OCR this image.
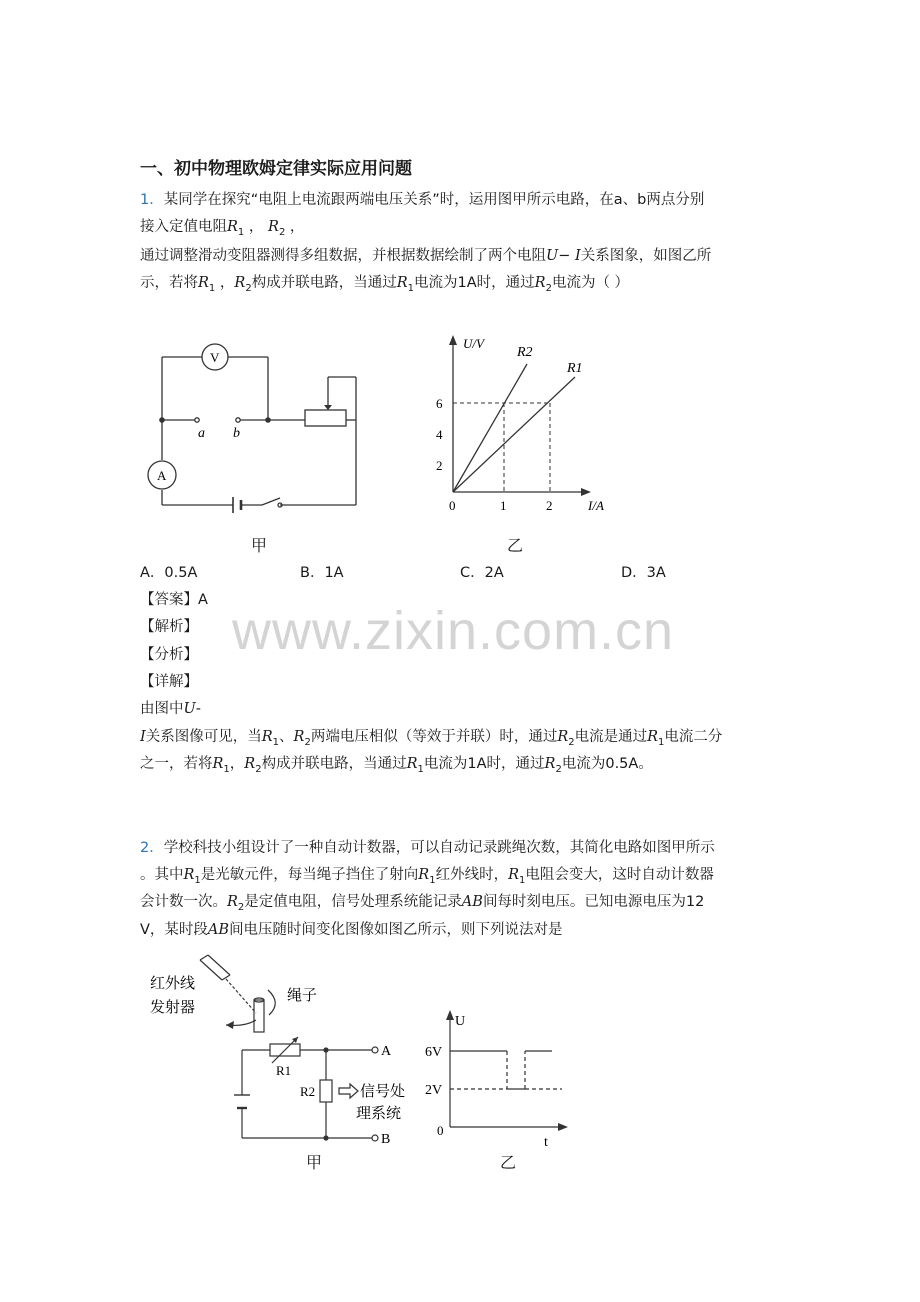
一、初中物理欧姆定律实际应用问题
1．某同学在探究“电阻上电流跟两端电压关系”时，运用图甲所示电路，在a、b两点分别
接入定值电阻$R_1$ ， $R_2$ ，
通过调整滑动变阻器测得多组数据，并根据数据绘制了两个电阻U− I关系图象，如图乙所
示，若将$R_1$ ，$R_2$构成并联电路，当通过$R_1$电流为1A时，通过$R_2$电流为（ ）
V
A
a b
甲
U/V
I/A
R2
R1
6
4
2
0	1	2
乙
A．0.5A	B．1A	C．2A	D．3A
【答案】A
www.zixin.com.cn
【解析】
【分析】
【详解】
由图中U-
I关系图像可见，当$R_1$、$R_2$两端电压相似（等效于并联）时，通过$R_2$电流是通过$R_1$电流二分
之一，若将$R_1$，$R_2$构成并联电路，当通过$R_1$电流为1A时，通过$R_2$电流为0.5A。
2．学校科技小组设计了一种自动计数器，可以自动记录跳绳次数，其简化电路如图甲所示
。其中$R_1$是光敏元件，每当绳子挡住了射向$R_1$红外线时，$R_1$电阻会变大，这时自动计数器
会计数一次。$R_2$是定值电阻，信号处理系统能记录AB间每时刻电压。已知电源电压为12
V，某时段AB间电压随时间变化图像如图乙所示，则下列说法对是
红外线
发射器
绳子
R1
R2
A
B
信号处
理系统
甲
U
t
6V
2V
0
乙
